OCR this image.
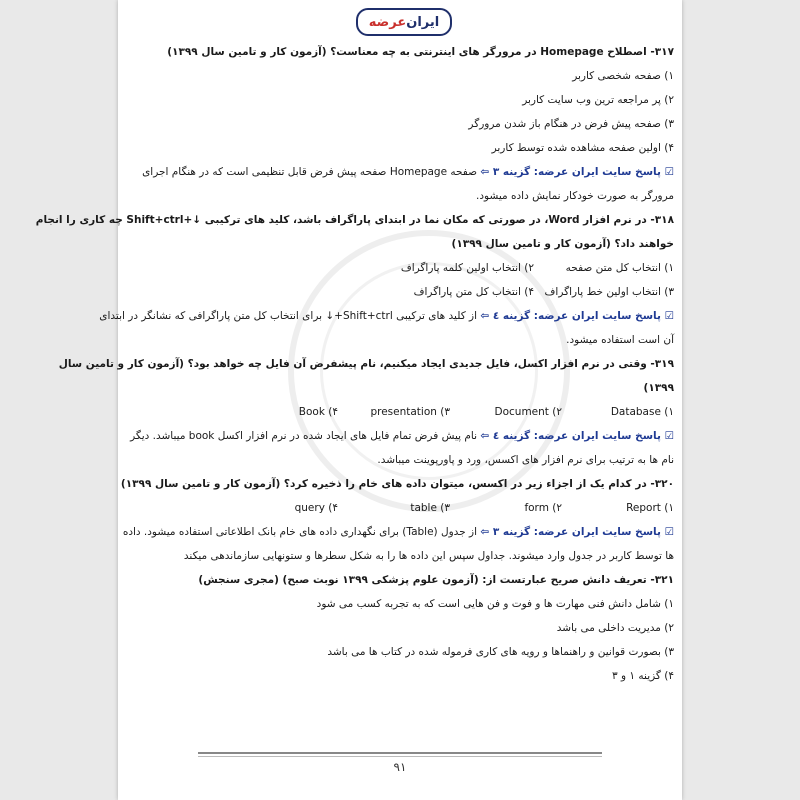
ایران
عرضه
۳۱۷- اصطلاح Homepage در مرورگر های اینترنتی به چه معناست؟ (آزمون کار و تامین سال ۱۳۹۹)
۱) صفحه شخصی کاربر
۲) پر مراجعه ترین وب سایت کاربر
۳) صفحه پیش فرض در هنگام باز شدن مرورگر
۴) اولین صفحه مشاهده شده توسط کاربر
☑ پاسخ سایت ایران عرضه: گزینه ۳ ⇦ صفحه Homepage صفحه پیش فرض قابل تنظیمی است که در هنگام اجرای
مرورگر به صورت خودکار نمایش داده میشود.
۳۱۸- در نرم افزار Word، در صورتی که مکان نما در ابتدای پاراگراف باشد، کلید های ترکیبی ↓+Shift+ctrl چه کاری را انجام
خواهند داد؟ (آزمون کار و تامین سال ۱۳۹۹)
۱) انتخاب کل متن صفحه
۲) انتخاب اولین کلمه پاراگراف
۳) انتخاب اولین خط پاراگراف
۴) انتخاب کل متن پاراگراف
☑ پاسخ سایت ایران عرضه: گزینه ٤ ⇦ از کلید های ترکیبی Shift+ctrl+↓ برای انتخاب کل متن پاراگرافی که نشانگر در ابتدای
آن است استفاده میشود.
۳۱۹- وقتی در نرم افزار اکسل، فایل جدیدی ایجاد میکنیم، نام پیشفرض آن فایل چه خواهد بود؟ (آزمون کار و تامین سال
۱۳۹۹)
۱) Database
۲) Document
۳) presentation
۴) Book
☑ پاسخ سایت ایران عرضه: گزینه ٤ ⇦ نام پیش فرض تمام فایل های ایجاد شده در نرم افزار اکسل book میباشد. دیگر
نام ها به ترتیب برای نرم افزار های اکسس، ورد و پاورپوینت میباشد.
۳۲۰- در کدام یک از اجزاء زیر در اکسس، میتوان داده های خام را ذخیره کرد؟ (آزمون کار و تامین سال ۱۳۹۹)
۱) Report
۲) form
۳) table
۴) query
☑ پاسخ سایت ایران عرضه: گزینه ۳ ⇦ از جدول (Table) برای نگهداری داده های خام بانک اطلاعاتی استفاده میشود. داده
ها توسط کاربر در جدول وارد میشوند. جداول سپس این داده ها را به شکل سطرها و ستونهایی سازماندهی میکند
۳۲۱- تعریف دانش صریح عبارتست از: (آزمون علوم پزشکی ۱۳۹۹ نوبت صبح) (مجری سنجش)
۱) شامل دانش فنی مهارت ها و فوت و فن هایی است که به تجربه کسب می شود
۲) مدیریت داخلی می باشد
۳) بصورت قوانین و راهنماها و رویه های کاری فرموله شده در کتاب ها می باشد
۴) گزینه ۱ و ۳
۹۱
